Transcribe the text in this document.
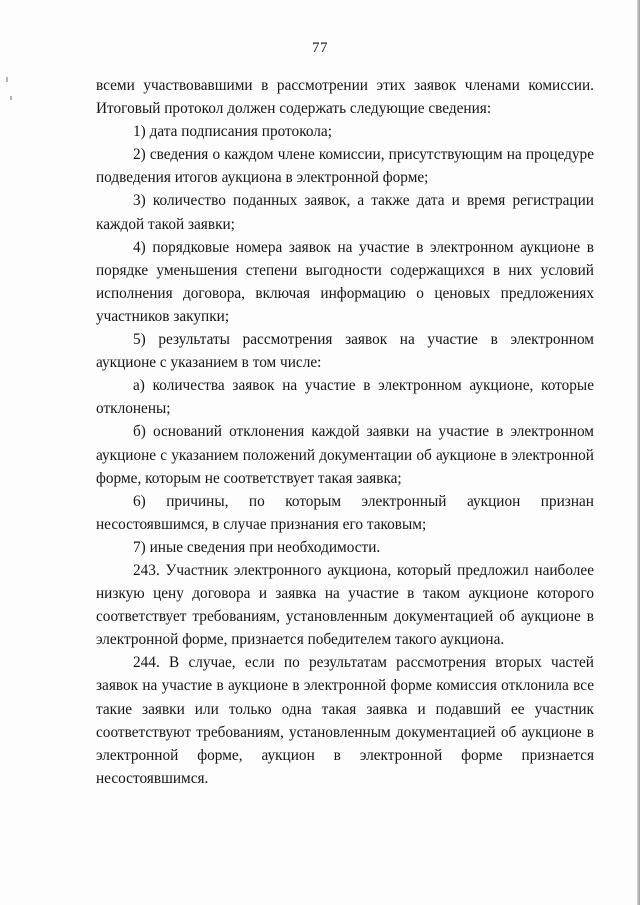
77

всеми участвовавшими в рассмотрении этих заявок членами комиссии. Итоговый протокол должен содержать следующие сведения:

1) дата подписания протокола;

2) сведения о каждом члене комиссии, присутствующим на процедуре подведения итогов аукциона в электронной форме;

3) количество поданных заявок, а также дата и время регистрации каждой такой заявки;

4) порядковые номера заявок на участие в электронном аукционе в порядке уменьшения степени выгодности содержащихся в них условий исполнения договора, включая информацию о ценовых предложениях участников закупки;

5) результаты рассмотрения заявок на участие в электронном аукционе с указанием в том числе:

а) количества заявок на участие в электронном аукционе, которые отклонены;

б) оснований отклонения каждой заявки на участие в электронном аукционе с указанием положений документации об аукционе в электронной форме, которым не соответствует такая заявка;

6) причины, по которым электронный аукцион признан несостоявшимся, в случае признания его таковым;

7) иные сведения при необходимости.

243. Участник электронного аукциона, который предложил наиболее низкую цену договора и заявка на участие в таком аукционе которого соответствует требованиям, установленным документацией об аукционе в электронной форме, признается победителем такого аукциона.

244. В случае, если по результатам рассмотрения вторых частей заявок на участие в аукционе в электронной форме комиссия отклонила все такие заявки или только одна такая заявка и подавший ее участник соответствуют требованиям, установленным документацией об аукционе в электронной форме, аукцион в электронной форме признается несостоявшимся.
